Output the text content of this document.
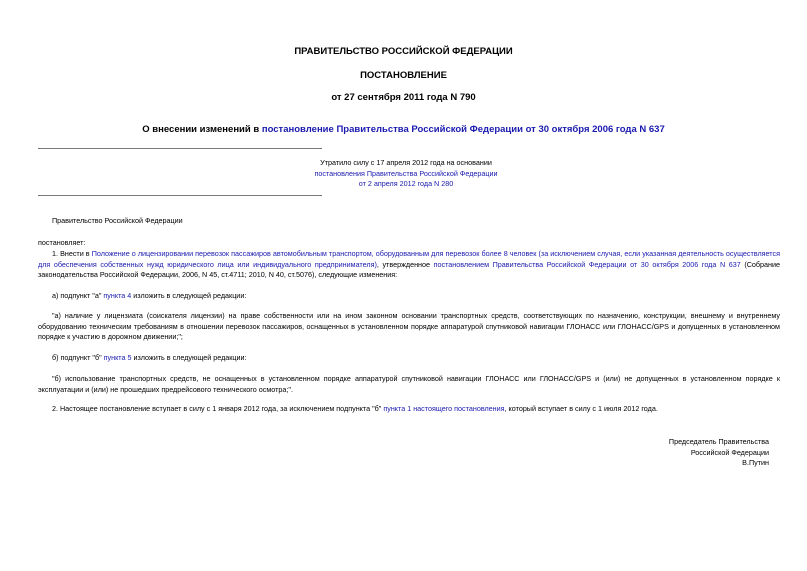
ПРАВИТЕЛЬСТВО РОССИЙСКОЙ ФЕДЕРАЦИИ
ПОСТАНОВЛЕНИЕ
от 27 сентября 2011 года N 790
О внесении изменений в постановление Правительства Российской Федерации от 30 октября 2006 года N 637
Утратило силу с 17 апреля 2012 года на основании
постановления Правительства Российской Федерации
от 2 апреля 2012 года N 280
Правительство Российской Федерации
постановляет:
1. Внести в Положение о лицензировании перевозок пассажиров автомобильным транспортом, оборудованным для перевозок более 8 человек (за исключением случая, если указанная деятельность осуществляется для обеспечения собственных нужд юридического лица или индивидуального предпринимателя), утвержденное постановлением Правительства Российской Федерации от 30 октября 2006 года N 637 (Собрание законодательства Российской Федерации, 2006, N 45, ст.4711; 2010, N 40, ст.5076), следующие изменения:
а) подпункт "а" пункта 4 изложить в следующей редакции:
"а) наличие у лицензиата (соискателя лицензии) на праве собственности или на ином законном основании транспортных средств, соответствующих по назначению, конструкции, внешнему и внутреннему оборудованию техническим требованиям в отношении перевозок пассажиров, оснащенных в установленном порядке аппаратурой спутниковой навигации ГЛОНАСС или ГЛОНАСС/GPS и допущенных в установленном порядке к участию в дорожном движении;";
б) подпункт "б" пункта 5 изложить в следующей редакции:
"б) использование транспортных средств, не оснащенных в установленном порядке аппаратурой спутниковой навигации ГЛОНАСС или ГЛОНАСС/GPS и (или) не допущенных в установленном порядке к эксплуатации и (или) не прошедших предрейсового технического осмотра;".
2. Настоящее постановление вступает в силу с 1 января 2012 года, за исключением подпункта "б" пункта 1 настоящего постановления, который вступает в силу с 1 июля 2012 года.
Председатель Правительства
Российской Федерации
В.Путин
